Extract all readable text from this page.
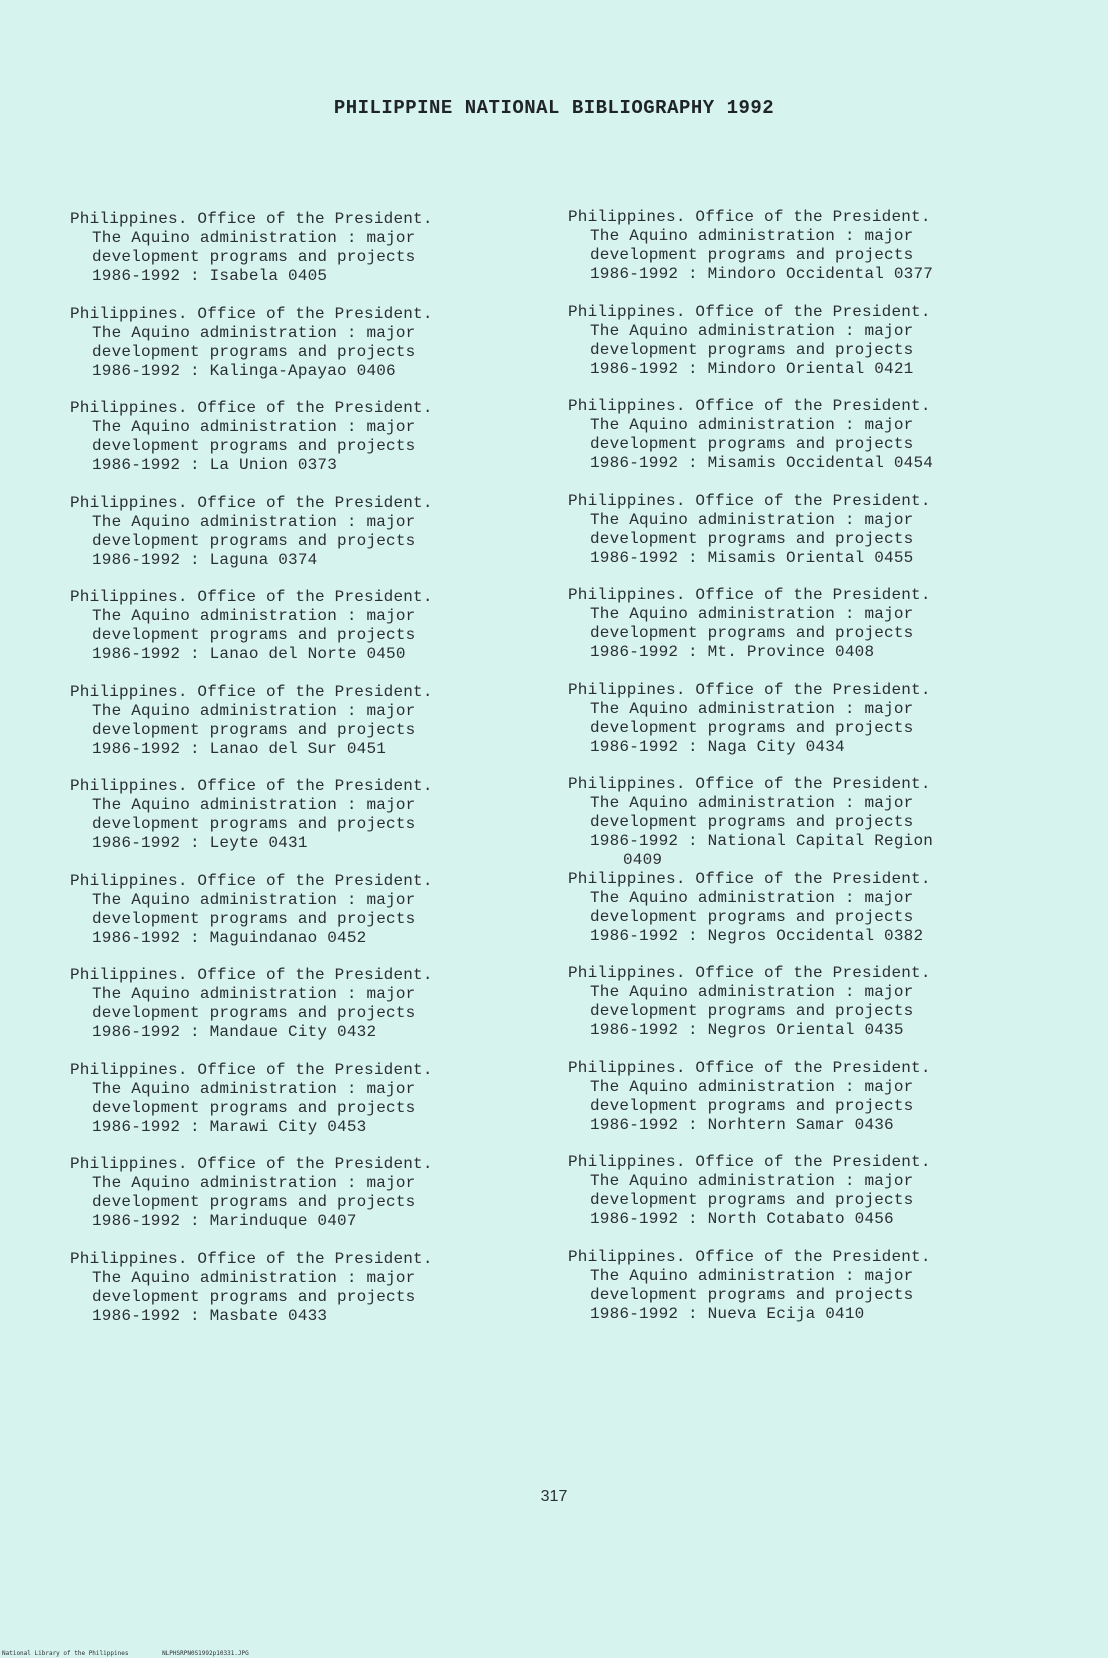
PHILIPPINE NATIONAL BIBLIOGRAPHY 1992
Philippines. Office of the President.
The Aquino administration : major
development programs and projects
1986-1992 : Isabela 0405
Philippines. Office of the President.
The Aquino administration : major
development programs and projects
1986-1992 : Kalinga-Apayao 0406
Philippines. Office of the President.
The Aquino administration : major
development programs and projects
1986-1992 : La Union 0373
Philippines. Office of the President.
The Aquino administration : major
development programs and projects
1986-1992 : Laguna 0374
Philippines. Office of the President.
The Aquino administration : major
development programs and projects
1986-1992 : Lanao del Norte 0450
Philippines. Office of the President.
The Aquino administration : major
development programs and projects
1986-1992 : Lanao del Sur 0451
Philippines. Office of the President.
The Aquino administration : major
development programs and projects
1986-1992 : Leyte 0431
Philippines. Office of the President.
The Aquino administration : major
development programs and projects
1986-1992 : Maguindanao 0452
Philippines. Office of the President.
The Aquino administration : major
development programs and projects
1986-1992 : Mandaue City 0432
Philippines. Office of the President.
The Aquino administration : major
development programs and projects
1986-1992 : Marawi City 0453
Philippines. Office of the President.
The Aquino administration : major
development programs and projects
1986-1992 : Marinduque 0407
Philippines. Office of the President.
The Aquino administration : major
development programs and projects
1986-1992 : Masbate 0433
Philippines. Office of the President.
The Aquino administration : major
development programs and projects
1986-1992 : Mindoro Occidental 0377
Philippines. Office of the President.
The Aquino administration : major
development programs and projects
1986-1992 : Mindoro Oriental 0421
Philippines. Office of the President.
The Aquino administration : major
development programs and projects
1986-1992 : Misamis Occidental 0454
Philippines. Office of the President.
The Aquino administration : major
development programs and projects
1986-1992 : Misamis Oriental 0455
Philippines. Office of the President.
The Aquino administration : major
development programs and projects
1986-1992 : Mt. Province 0408
Philippines. Office of the President.
The Aquino administration : major
development programs and projects
1986-1992 : Naga City 0434
Philippines. Office of the President.
The Aquino administration : major
development programs and projects
1986-1992 : National Capital Region
0409
Philippines. Office of the President.
The Aquino administration : major
development programs and projects
1986-1992 : Negros Occidental 0382
Philippines. Office of the President.
The Aquino administration : major
development programs and projects
1986-1992 : Negros Oriental 0435
Philippines. Office of the President.
The Aquino administration : major
development programs and projects
1986-1992 : Norhtern Samar 0436
Philippines. Office of the President.
The Aquino administration : major
development programs and projects
1986-1992 : North Cotabato 0456
Philippines. Office of the President.
The Aquino administration : major
development programs and projects
1986-1992 : Nueva Ecija 0410
317
National Library of the Philippines	NLPHSRPN0S1992p10331.JPG
